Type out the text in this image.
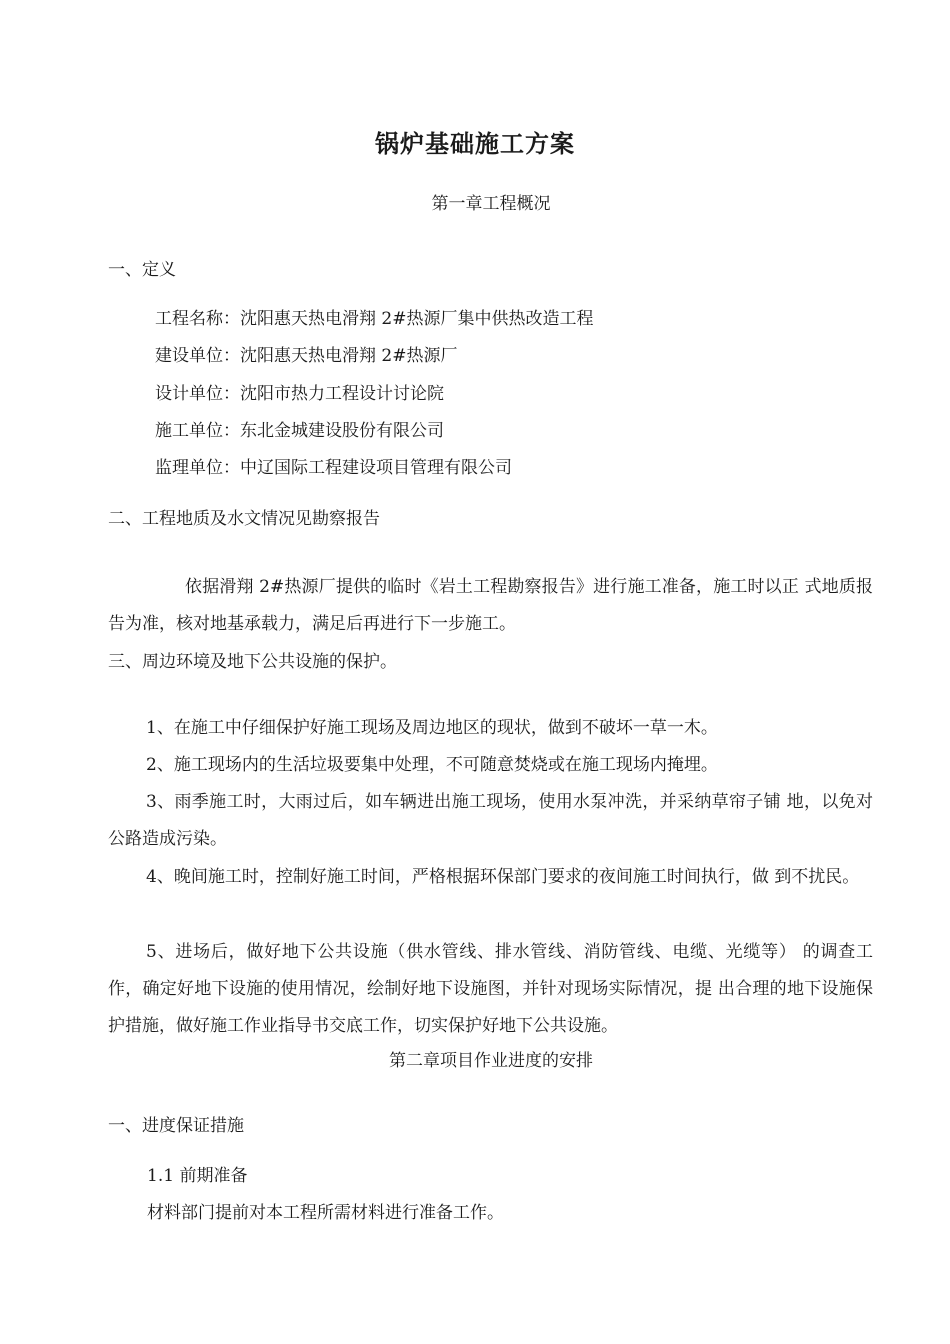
锅炉基础施工方案
第一章工程概况
一、定义
工程名称：沈阳惠天热电滑翔 2#热源厂集中供热改造工程
建设单位：沈阳惠天热电滑翔 2#热源厂
设计单位：沈阳市热力工程设计讨论院
施工单位：东北金城建设股份有限公司
监理单位：中辽国际工程建设项目管理有限公司
二、工程地质及水文情况见勘察报告

依据滑翔 2#热源厂提供的临时《岩土工程勘察报告》进行施工准备，施工时以正 式地质报告为准，核对地基承载力，满足后再进行下一步施工。

三、周边环境及地下公共设施的保护。

1、在施工中仔细保护好施工现场及周边地区的现状，做到不破坏一草一木。

2、施工现场内的生活垃圾要集中处理，不可随意焚烧或在施工现场内掩埋。

3、雨季施工时，大雨过后，如车辆进出施工现场，使用水泵冲洗，并采纳草帘子铺 地，以免对公路造成污染。

4、晚间施工时，控制好施工时间，严格根据环保部门要求的夜间施工时间执行，做 到不扰民。

5、进场后，做好地下公共设施（供水管线、排水管线、消防管线、电缆、光缆等） 的调查工作，确定好地下设施的使用情况，绘制好地下设施图，并针对现场实际情况，提 出合理的地下设施保护措施，做好施工作业指导书交底工作，切实保护好地下公共设施。

第二章项目作业进度的安排
一、进度保证措施
1.1 前期准备
材料部门提前对本工程所需材料进行准备工作。
